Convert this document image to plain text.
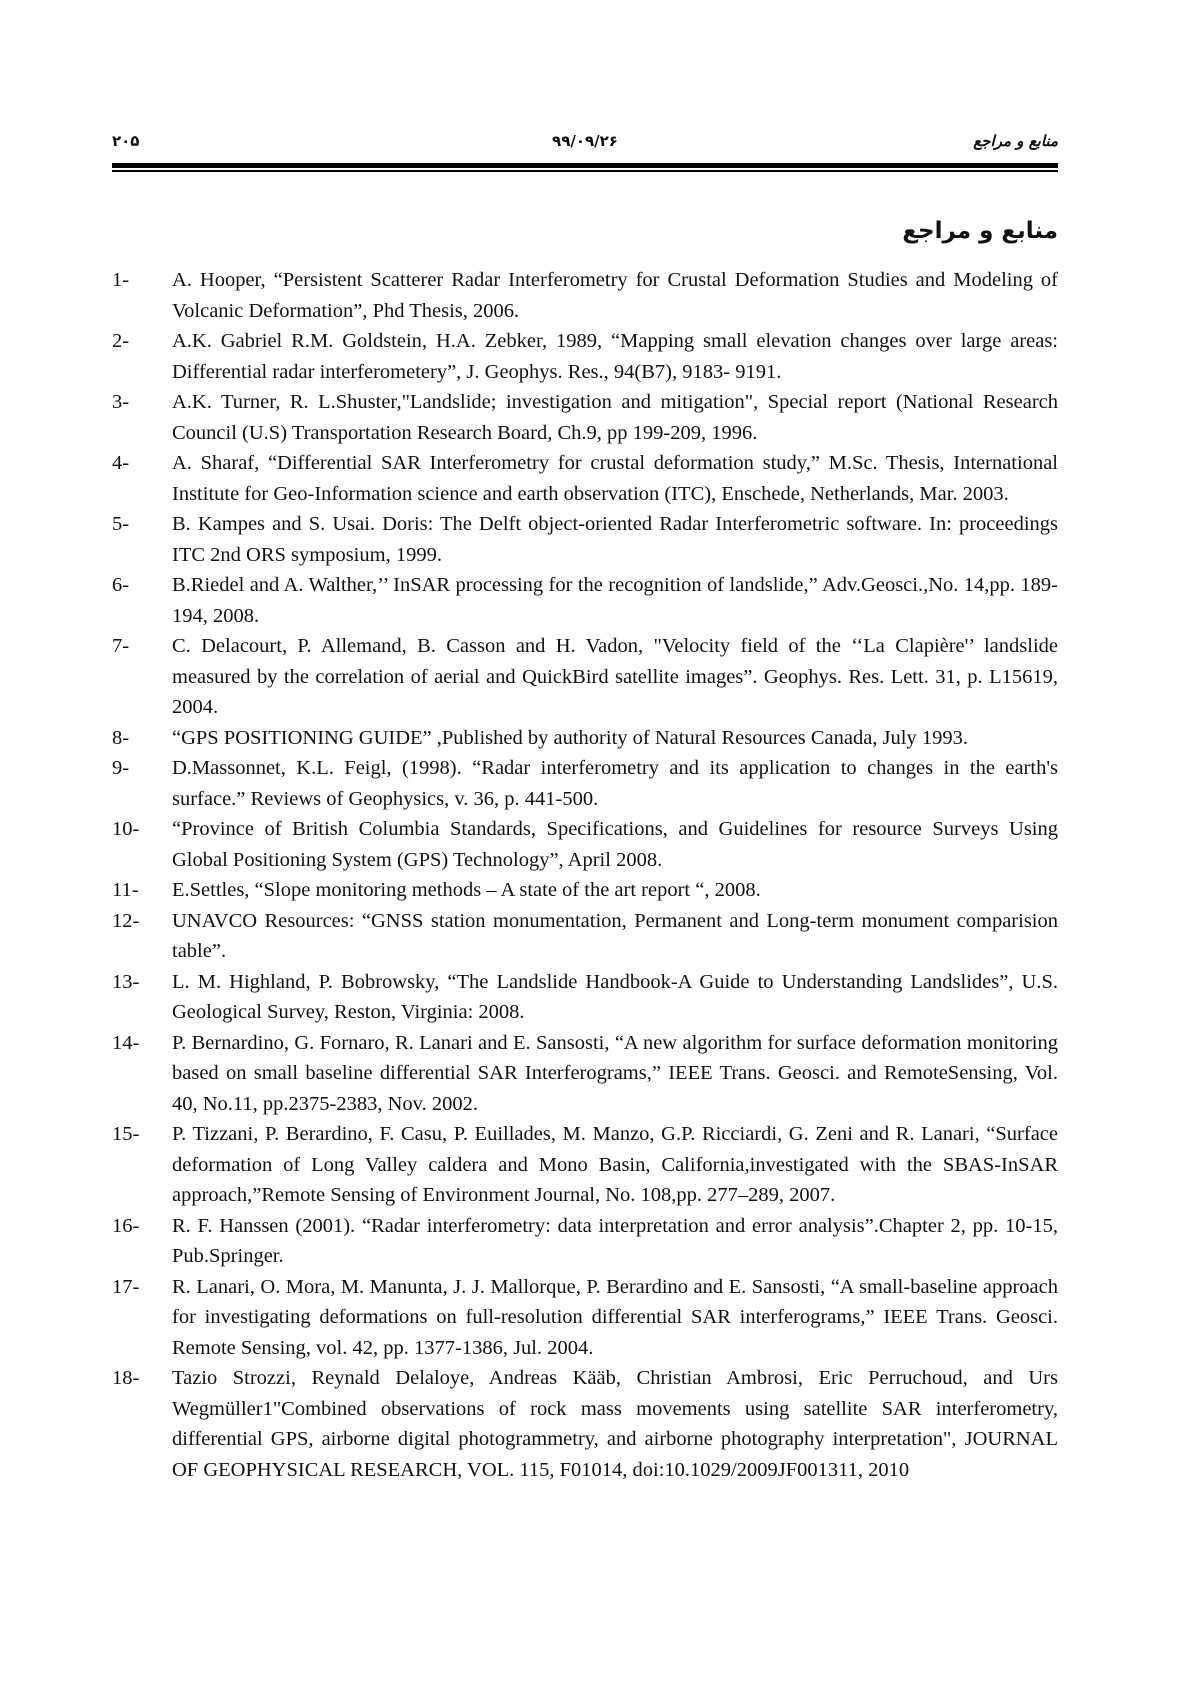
۲۰۵	۹۹/۰۹/۲۶	منابع و مراجع
منابع و مراجع
1-	A. Hooper, “Persistent Scatterer Radar Interferometry for Crustal Deformation Studies and Modeling of Volcanic Deformation”, Phd Thesis, 2006.
2-	A.K. Gabriel R.M. Goldstein, H.A. Zebker, 1989, “Mapping small elevation changes over large areas: Differential radar interferometery”, J. Geophys. Res., 94(B7), 9183- 9191.
3-	A.K. Turner, R. L.Shuster,"Landslide; investigation and mitigation", Special report (National Research Council (U.S) Transportation Research Board, Ch.9, pp 199-209, 1996.
4-	A. Sharaf, “Differential SAR Interferometry for crustal deformation study,” M.Sc. Thesis, International Institute for Geo-Information science and earth observation (ITC), Enschede, Netherlands, Mar. 2003.
5-	B. Kampes and S. Usai. Doris: The Delft object-oriented Radar Interferometric software. In: proceedings ITC 2nd ORS symposium, 1999.
6-	B.Riedel and A. Walther,’’ InSAR processing for the recognition of landslide,” Adv.Geosci.,No. 14,pp. 189-194, 2008.
7-	C. Delacourt, P. Allemand, B. Casson and H. Vadon, "Velocity field of the ‘‘La Clapière'’ landslide measured by the correlation of aerial and QuickBird satellite images”. Geophys. Res. Lett. 31, p. L15619, 2004.
8-	“GPS POSITIONING GUIDE” ,Published by authority of Natural Resources Canada, July 1993.
9-	D.Massonnet, K.L. Feigl, (1998). “Radar interferometry and its application to changes in the earth's surface.” Reviews of Geophysics, v. 36, p. 441-500.
10-	“Province of British Columbia Standards, Specifications, and Guidelines for resource Surveys Using Global Positioning System (GPS) Technology”, April 2008.
11-	E.Settles, “Slope monitoring methods – A state of the art report “, 2008.
12-	UNAVCO Resources: “GNSS station monumentation, Permanent and Long-term monument comparision table”.
13-	L. M. Highland, P. Bobrowsky, “The Landslide Handbook-A Guide to Understanding Landslides”, U.S. Geological Survey, Reston, Virginia: 2008.
14-	P. Bernardino, G. Fornaro, R. Lanari and E. Sansosti, “A new algorithm for surface deformation monitoring based on small baseline differential SAR Interferograms,” IEEE Trans. Geosci. and RemoteSensing, Vol. 40, No.11, pp.2375-2383, Nov. 2002.
15-	P. Tizzani, P. Berardino, F. Casu, P. Euillades, M. Manzo, G.P. Ricciardi, G. Zeni and R. Lanari, “Surface deformation of Long Valley caldera and Mono Basin, California,investigated with the SBAS-InSAR approach,”Remote Sensing of Environment Journal, No. 108,pp. 277–289, 2007.
16-	R. F. Hanssen (2001). “Radar interferometry: data interpretation and error analysis”.Chapter 2, pp. 10-15, Pub.Springer.
17-	R. Lanari, O. Mora, M. Manunta, J. J. Mallorque, P. Berardino and E. Sansosti, “A small-baseline approach for investigating deformations on full-resolution differential SAR interferograms,” IEEE Trans. Geosci. Remote Sensing, vol. 42, pp. 1377-1386, Jul. 2004.
18-	Tazio Strozzi, Reynald Delaloye, Andreas Kääb, Christian Ambrosi, Eric Perruchoud, and Urs Wegmüller1"Combined observations of rock mass movements using satellite SAR interferometry, differential GPS, airborne digital photogrammetry, and airborne photography interpretation", JOURNAL OF GEOPHYSICAL RESEARCH, VOL. 115, F01014, doi:10.1029/2009JF001311, 2010
